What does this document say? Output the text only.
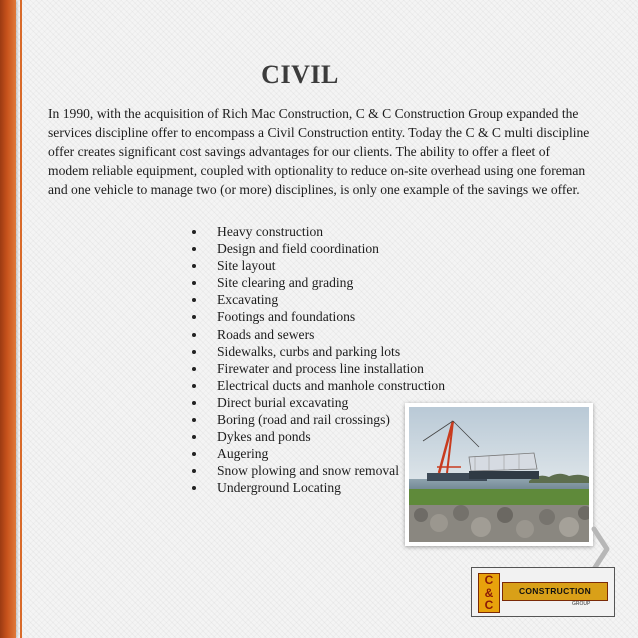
CIVIL

In 1990, with the acquisition of Rich Mac Construction, C & C Construction Group expanded the services discipline offer to encompass a Civil Construction entity. Today the C & C multi discipline offer creates significant cost savings advantages for our clients. The ability to offer a fleet of modem reliable equipment, coupled with optionality to reduce on-site overhead using one foreman and one vehicle to manage two (or more) disciplines, is only one example of the savings we offer.

Heavy construction
Design and field coordination
Site layout
Site clearing and grading
Excavating
Footings and foundations
Roads and sewers
Sidewalks, curbs and parking lots
Firewater and process line installation
Electrical ducts and manhole construction
Direct burial excavating
Boring (road and rail crossings)
Dykes and ponds
Augering
Snow plowing and snow removal
Underground Locating
C
&
C
CONSTRUCTION
GROUP
